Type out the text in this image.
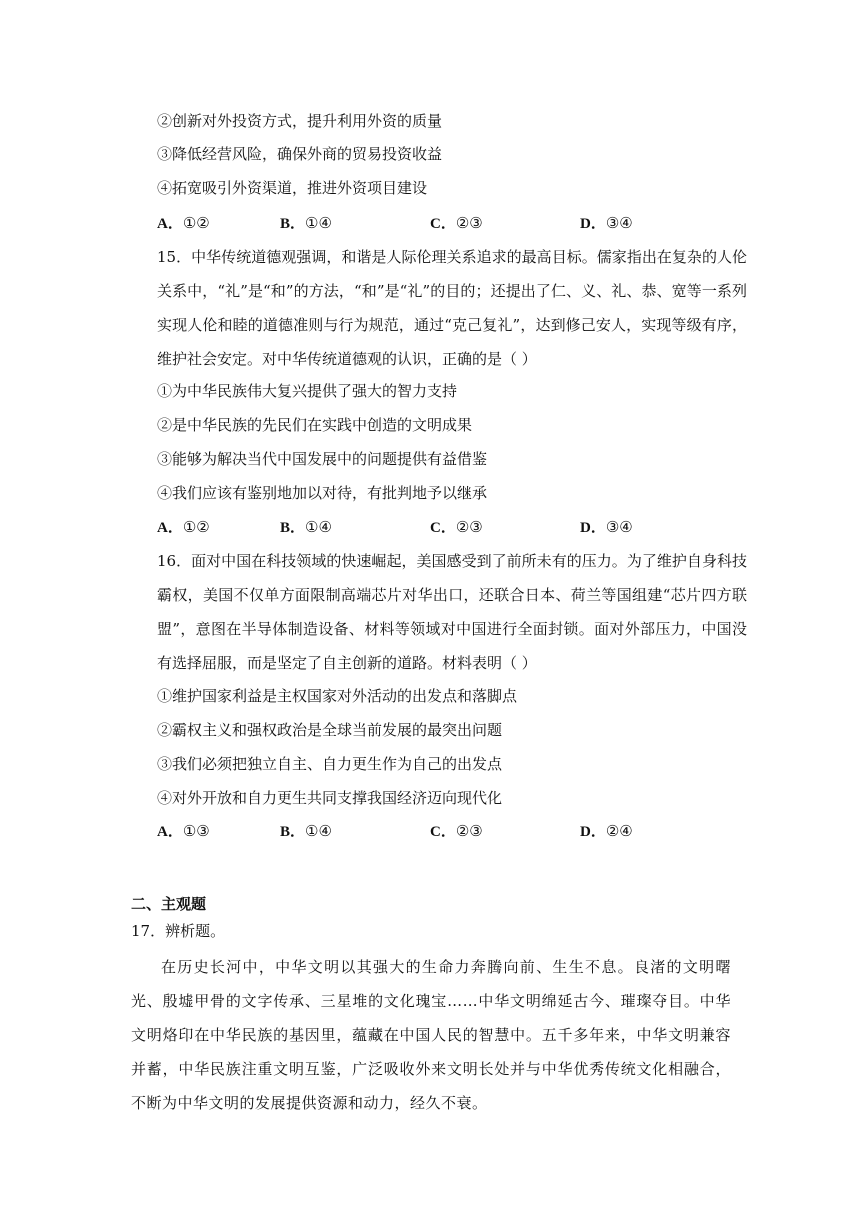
②创新对外投资方式，提升利用外资的质量
③降低经营风险，确保外商的贸易投资收益
④拓宽吸引外资渠道，推进外资项目建设
A．①②	B．①④	C．②③	D．③④
15．中华传统道德观强调，和谐是人际伦理关系追求的最高目标。儒家指出在复杂的人伦关系中，“礼”是“和”的方法，“和”是“礼”的目的；还提出了仁、义、礼、恭、宽等一系列实现人伦和睦的道德准则与行为规范，通过“克己复礼”，达到修己安人，实现等级有序，维护社会安定。对中华传统道德观的认识，正确的是（ ）
①为中华民族伟大复兴提供了强大的智力支持
②是中华民族的先民们在实践中创造的文明成果
③能够为解决当代中国发展中的问题提供有益借鉴
④我们应该有鉴别地加以对待，有批判地予以继承
A．①②	B．①④	C．②③	D．③④
16．面对中国在科技领域的快速崛起，美国感受到了前所未有的压力。为了维护自身科技霸权，美国不仅单方面限制高端芯片对华出口，还联合日本、荷兰等国组建“芯片四方联盟”，意图在半导体制造设备、材料等领域对中国进行全面封锁。面对外部压力，中国没有选择屈服，而是坚定了自主创新的道路。材料表明（ ）
①维护国家利益是主权国家对外活动的出发点和落脚点
②霸权主义和强权政治是全球当前发展的最突出问题
③我们必须把独立自主、自力更生作为自己的出发点
④对外开放和自力更生共同支撑我国经济迈向现代化
A．①③	B．①④	C．②③	D．②④
二、主观题
17．辨析题。
在历史长河中，中华文明以其强大的生命力奔腾向前、生生不息。良渚的文明曙光、殷墟甲骨的文字传承、三星堆的文化瑰宝……中华文明绵延古今、璀璨夺目。中华文明烙印在中华民族的基因里，蕴藏在中国人民的智慧中。五千多年来，中华文明兼容并蓄，中华民族注重文明互鉴，广泛吸收外来文明长处并与中华优秀传统文化相融合，不断为中华文明的发展提供资源和动力，经久不衰。
